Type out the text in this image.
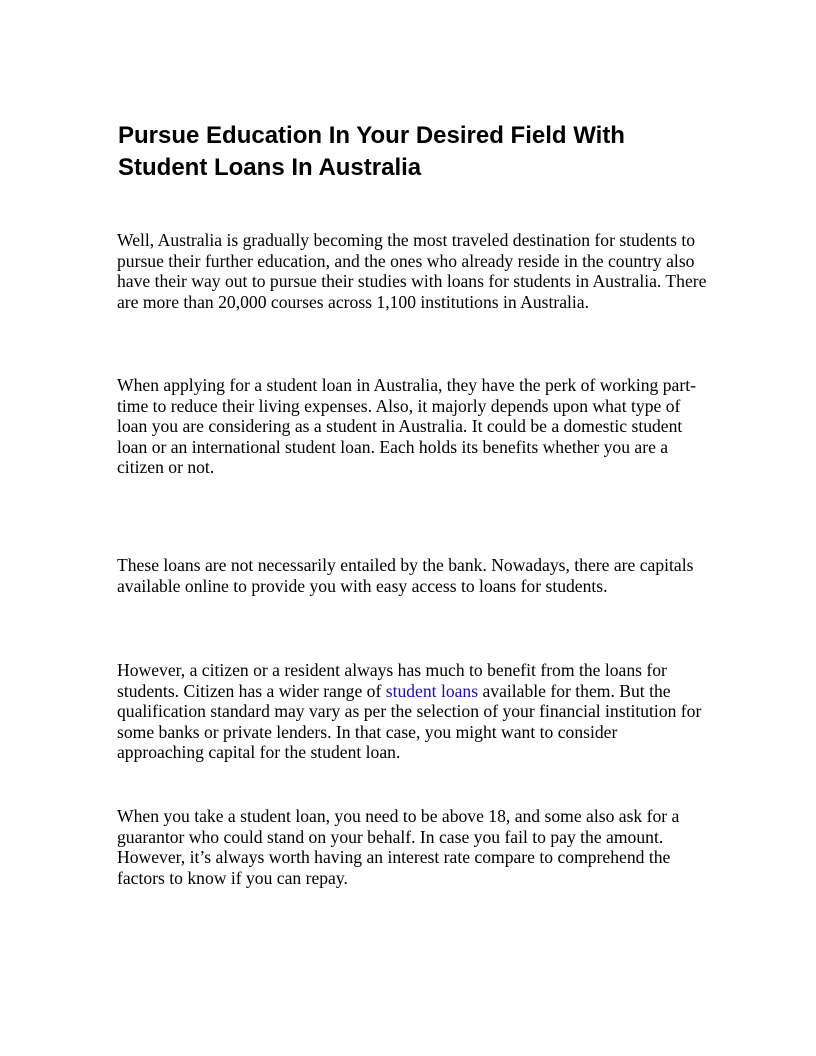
Pursue Education In Your Desired Field With Student Loans In Australia

Well, Australia is gradually becoming the most traveled destination for students to pursue their further education, and the ones who already reside in the country also have their way out to pursue their studies with loans for students in Australia. There are more than 20,000 courses across 1,100 institutions in Australia.

When applying for a student loan in Australia, they have the perk of working part-time to reduce their living expenses. Also, it majorly depends upon what type of loan you are considering as a student in Australia. It could be a domestic student loan or an international student loan. Each holds its benefits whether you are a citizen or not.

These loans are not necessarily entailed by the bank. Nowadays, there are capitals available online to provide you with easy access to loans for students.

However, a citizen or a resident always has much to benefit from the loans for students. Citizen has a wider range of student loans available for them. But the qualification standard may vary as per the selection of your financial institution for some banks or private lenders. In that case, you might want to consider approaching capital for the student loan.

When you take a student loan, you need to be above 18, and some also ask for a guarantor who could stand on your behalf. In case you fail to pay the amount. However, it’s always worth having an interest rate compare to comprehend the factors to know if you can repay.
